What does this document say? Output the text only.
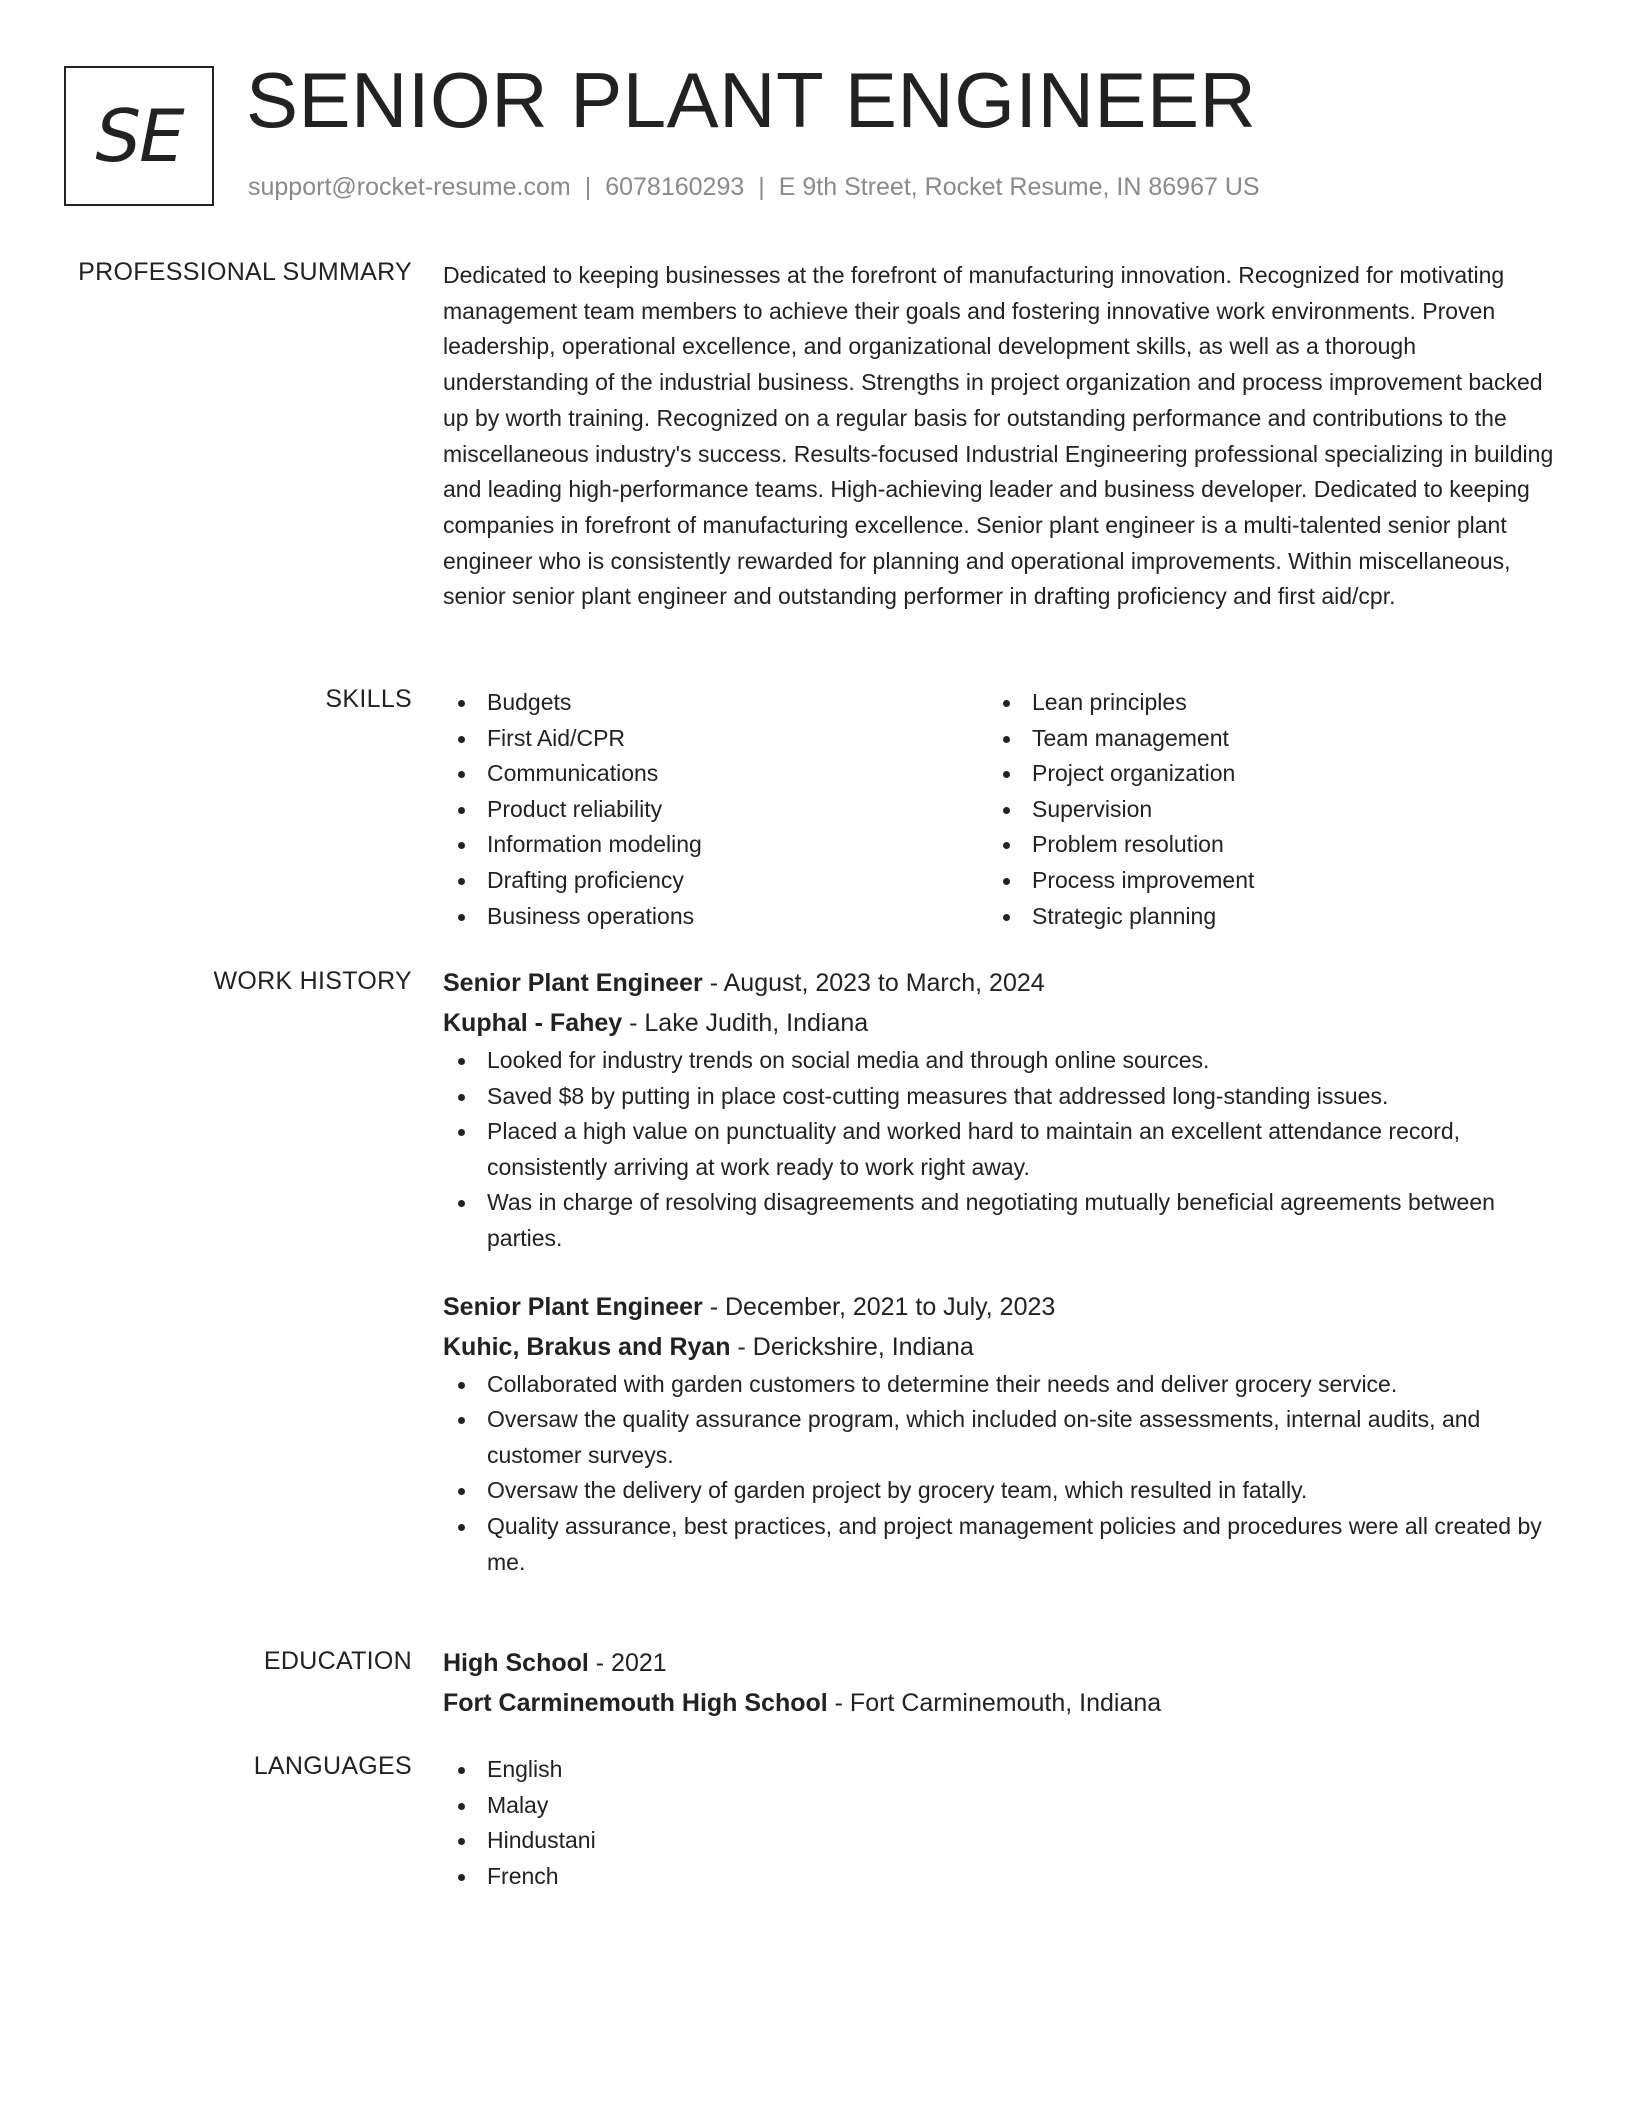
SE SENIOR PLANT ENGINEER
support@rocket-resume.com | 6078160293 | E 9th Street, Rocket Resume, IN 86967 US
PROFESSIONAL SUMMARY Dedicated to keeping businesses at the forefront of manufacturing innovation. Recognized for motivating management team members to achieve their goals and fostering innovative work environments. Proven leadership, operational excellence, and organizational development skills, as well as a thorough understanding of the industrial business. Strengths in project organization and process improvement backed up by worth training. Recognized on a regular basis for outstanding performance and contributions to the miscellaneous industry's success. Results-focused Industrial Engineering professional specializing in building and leading high-performance teams. High-achieving leader and business developer. Dedicated to keeping companies in forefront of manufacturing excellence. Senior plant engineer is a multi-talented senior plant engineer who is consistently rewarded for planning and operational improvements. Within miscellaneous, senior senior plant engineer and outstanding performer in drafting proficiency and first aid/cpr.

SKILLS	Budgets
First Aid/CPR
Communications
Product reliability
Information modeling
Drafting proficiency
Business operations
Lean principles
Team management
Project organization
Supervision
Problem resolution
Process improvement
Strategic planning
WORK HISTORY Senior Plant Engineer - August, 2023 to March, 2024
Kuphal - Fahey - Lake Judith, Indiana
Looked for industry trends on social media and through online sources.
Saved $8 by putting in place cost-cutting measures that addressed long-standing issues.
Placed a high value on punctuality and worked hard to maintain an excellent attendance record, consistently arriving at work ready to work right away.
Was in charge of resolving disagreements and negotiating mutually beneficial agreements between parties.
Senior Plant Engineer - December, 2021 to July, 2023
Kuhic, Brakus and Ryan - Derickshire, Indiana
Collaborated with garden customers to determine their needs and deliver grocery service.
Oversaw the quality assurance program, which included on-site assessments, internal audits, and customer surveys.
Oversaw the delivery of garden project by grocery team, which resulted in fatally.
Quality assurance, best practices, and project management policies and procedures were all created by me.
EDUCATION High School - 2021
Fort Carminemouth High School - Fort Carminemouth, Indiana
LANGUAGES	English
Malay
Hindustani
French
